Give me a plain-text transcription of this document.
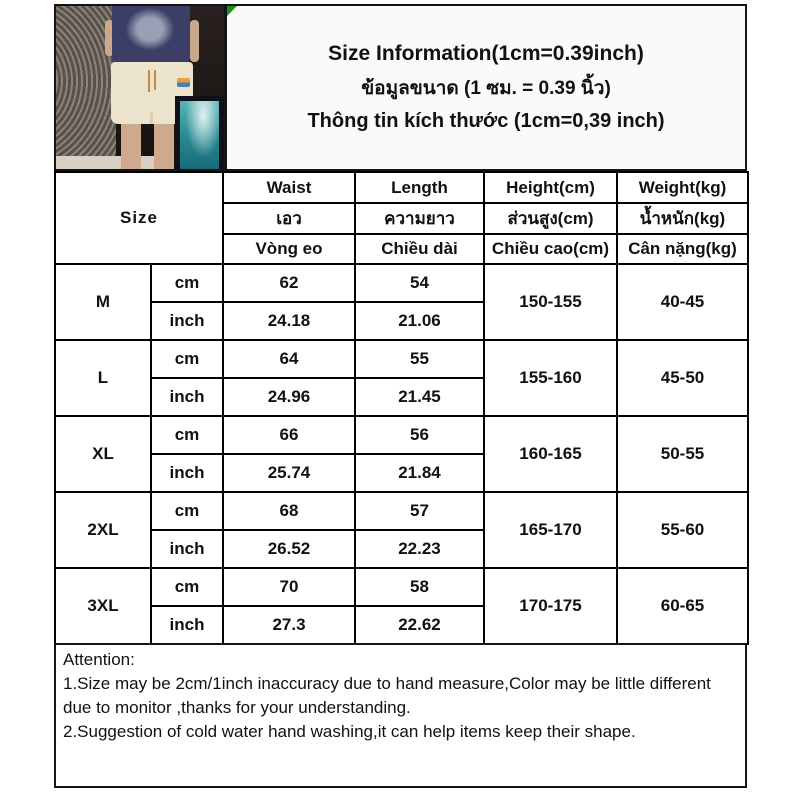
Size Information(1cm=0.39inch)
ข้อมูลขนาด (1 ซม. = 0.39 นิ้ว)
Thông tin kích thước (1cm=0,39 inch)
Size		Waist	Length	Height(cm)	Weight(kg)
		เอว	ความยาว	ส่วนสูง(cm)	น้ำหนัก(kg)
		Vòng eo	Chiều dài	Chiều cao(cm)	Cân nặng(kg)
M	cm	62	54	150-155	40-45
	inch	24.18	21.06		
L	cm	64	55	155-160	45-50
	inch	24.96	21.45		
XL	cm	66	56	160-165	50-55
	inch	25.74	21.84		
2XL	cm	68	57	165-170	55-60
	inch	26.52	22.23		
3XL	cm	70	58	170-175	60-65
	inch	27.3	22.62		
Attention:
1.Size may be 2cm/1inch inaccuracy due to hand measure,Color may be little different due to monitor ,thanks for your understanding.
2.Suggestion of cold water hand washing,it can help items keep their shape.
